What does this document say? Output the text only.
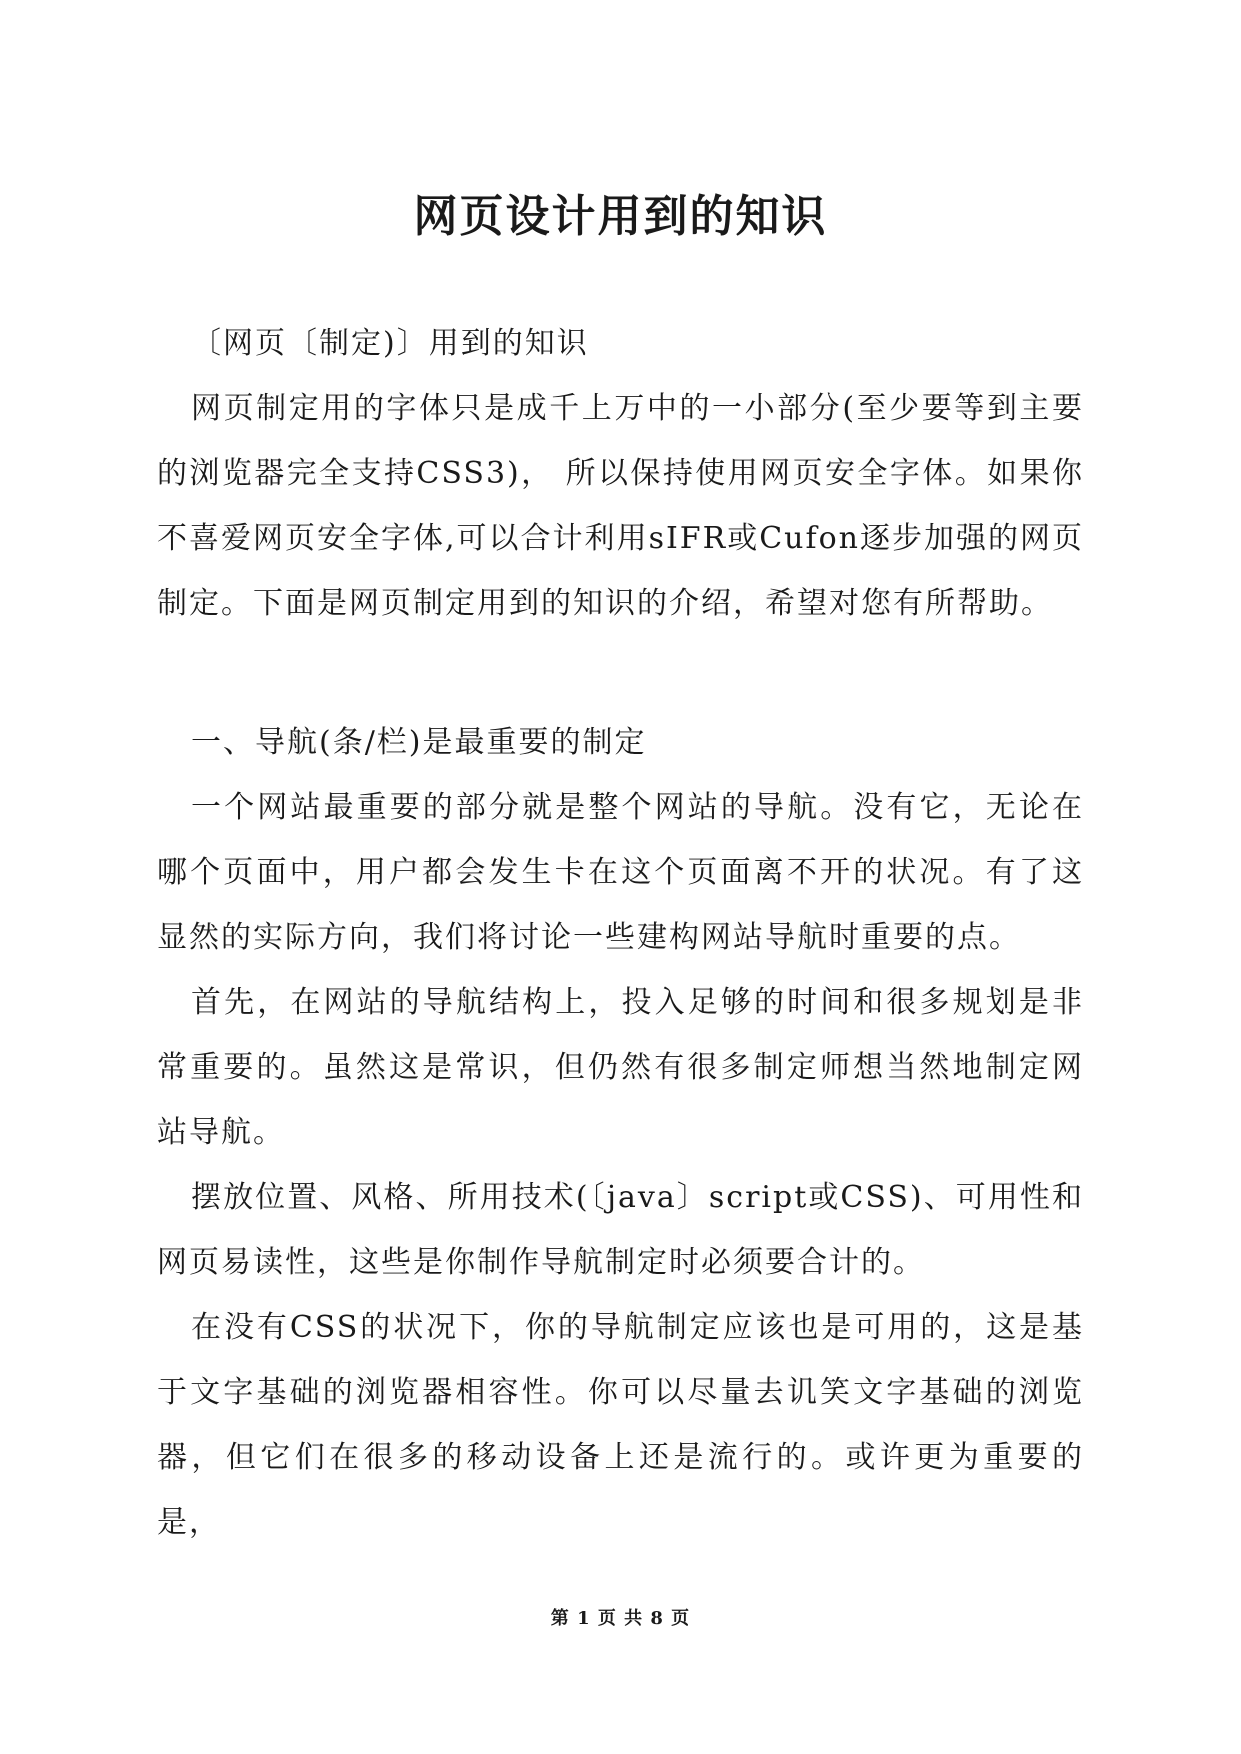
网页设计用到的知识

〔网页〔制定)〕用到的知识

网页制定用的字体只是成千上万中的一小部分(至少要等到主要的浏览器完全支持CSS3)， 所以保持使用网页安全字体。如果你不喜爱网页安全字体,可以合计利用sIFR或Cufon逐步加强的网页制定。下面是网页制定用到的知识的介绍，希望对您有所帮助。

一、导航(条/栏)是最重要的制定

一个网站最重要的部分就是整个网站的导航。没有它，无论在哪个页面中，用户都会发生卡在这个页面离不开的状况。有了这显然的实际方向，我们将讨论一些建构网站导航时重要的点。

首先，在网站的导航结构上，投入足够的时间和很多规划是非常重要的。虽然这是常识，但仍然有很多制定师想当然地制定网站导航。

摆放位置、风格、所用技术(〔java〕script或CSS)、可用性和网页易读性，这些是你制作导航制定时必须要合计的。

在没有CSS的状况下，你的导航制定应该也是可用的，这是基于文字基础的浏览器相容性。你可以尽量去讥笑文字基础的浏览器，但它们在很多的移动设备上还是流行的。或许更为重要的是，

第 1 页 共 8 页
